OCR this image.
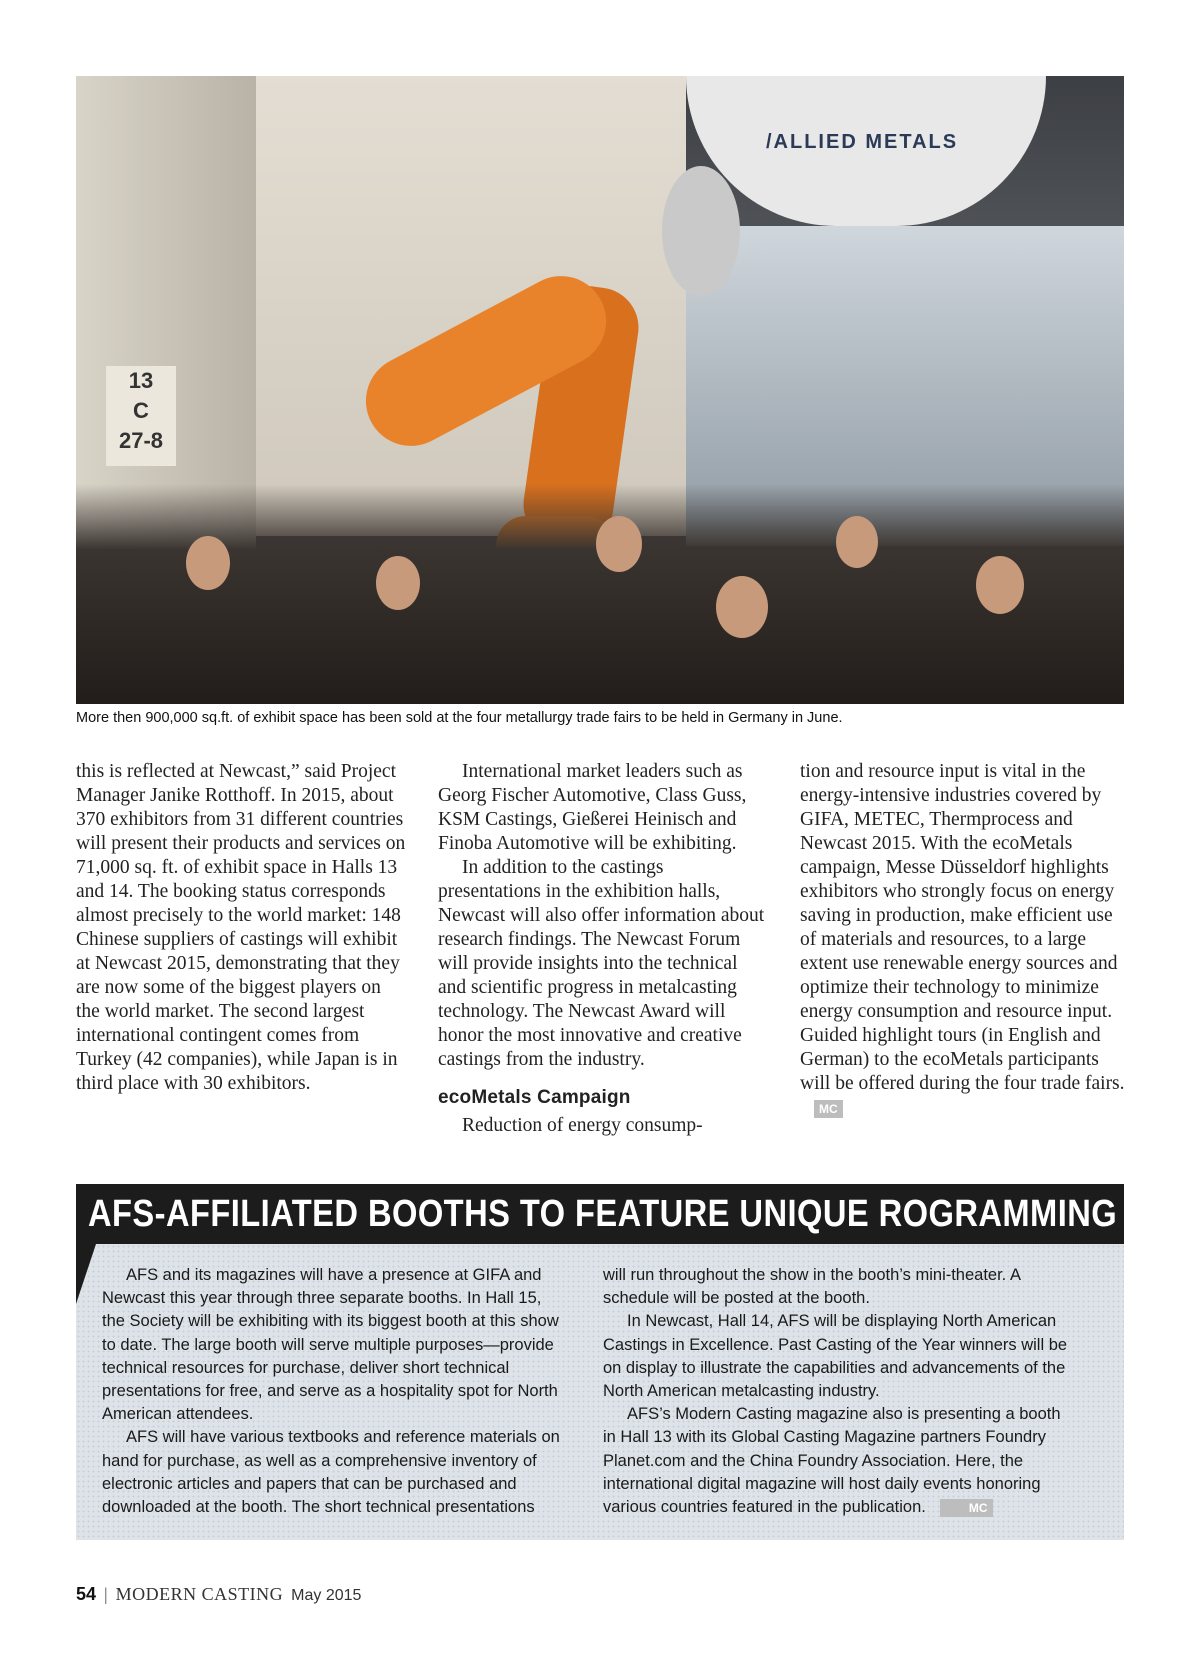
/ALLIED METALS
13
C
27-8
More then 900,000 sq.ft. of exhibit space has been sold at the four metallurgy trade fairs to be held in Germany in June.

this is reflected at Newcast,” said Project Manager Janike Rotthoff. In 2015, about 370 exhibitors from 31 different countries will present their products and services on 71,000 sq. ft. of exhibit space in Halls 13 and 14. The booking status corresponds almost precisely to the world market: 148 Chinese suppliers of castings will exhibit at Newcast 2015, demonstrating that they are now some of the biggest players on the world market. The second largest international contingent comes from Turkey (42 companies), while Japan is in third place with 30 exhibitors.

International market leaders such as Georg Fischer Automotive, Class Guss, KSM Castings, Gießerei Heinisch and Finoba Automotive will be exhibiting.

In addition to the castings presentations in the exhibition halls, Newcast will also offer information about research findings. The Newcast Forum will provide insights into the technical and scientific progress in metalcasting technology. The Newcast Award will honor the most innovative and creative castings from the industry.

ecoMetals Campaign

Reduction of energy consump-

tion and resource input is vital in the energy-intensive industries covered by GIFA, METEC, Thermprocess and Newcast 2015. With the ecoMetals campaign, Messe Düsseldorf highlights exhibitors who strongly focus on energy saving in production, make efficient use of materials and resources, to a large extent use renewable energy sources and optimize their technology to minimize energy consumption and resource input. Guided highlight tours (in English and German) to the ecoMetals participants will be offered during the four trade fairs.MC

AFS-AFFILIATED BOOTHS TO FEATURE UNIQUE ROGRAMMING

AFS and its magazines will have a presence at GIFA and Newcast this year through three separate booths. In Hall 15, the Society will be exhibiting with its biggest booth at this show to date. The large booth will serve multiple purposes—provide technical resources for purchase, deliver short technical presentations for free, and serve as a hospitality spot for North American attendees.

AFS will have various textbooks and reference materials on hand for purchase, as well as a comprehensive inventory of electronic articles and papers that can be purchased and downloaded at the booth. The short technical presentations

will run throughout the show in the booth’s mini-theater. A schedule will be posted at the booth.

In Newcast, Hall 14, AFS will be displaying North American Castings in Excellence. Past Casting of the Year winners will be on display to illustrate the capabilities and advancements of the North American metalcasting industry.

AFS’s Modern Casting magazine also is presenting a booth in Hall 13 with its Global Casting Magazine partners Foundry Planet.com and the China Foundry Association. Here, the international digital magazine will host daily events honoring various countries featured in the publication.	MC

54 | MODERN CASTING May 2015
